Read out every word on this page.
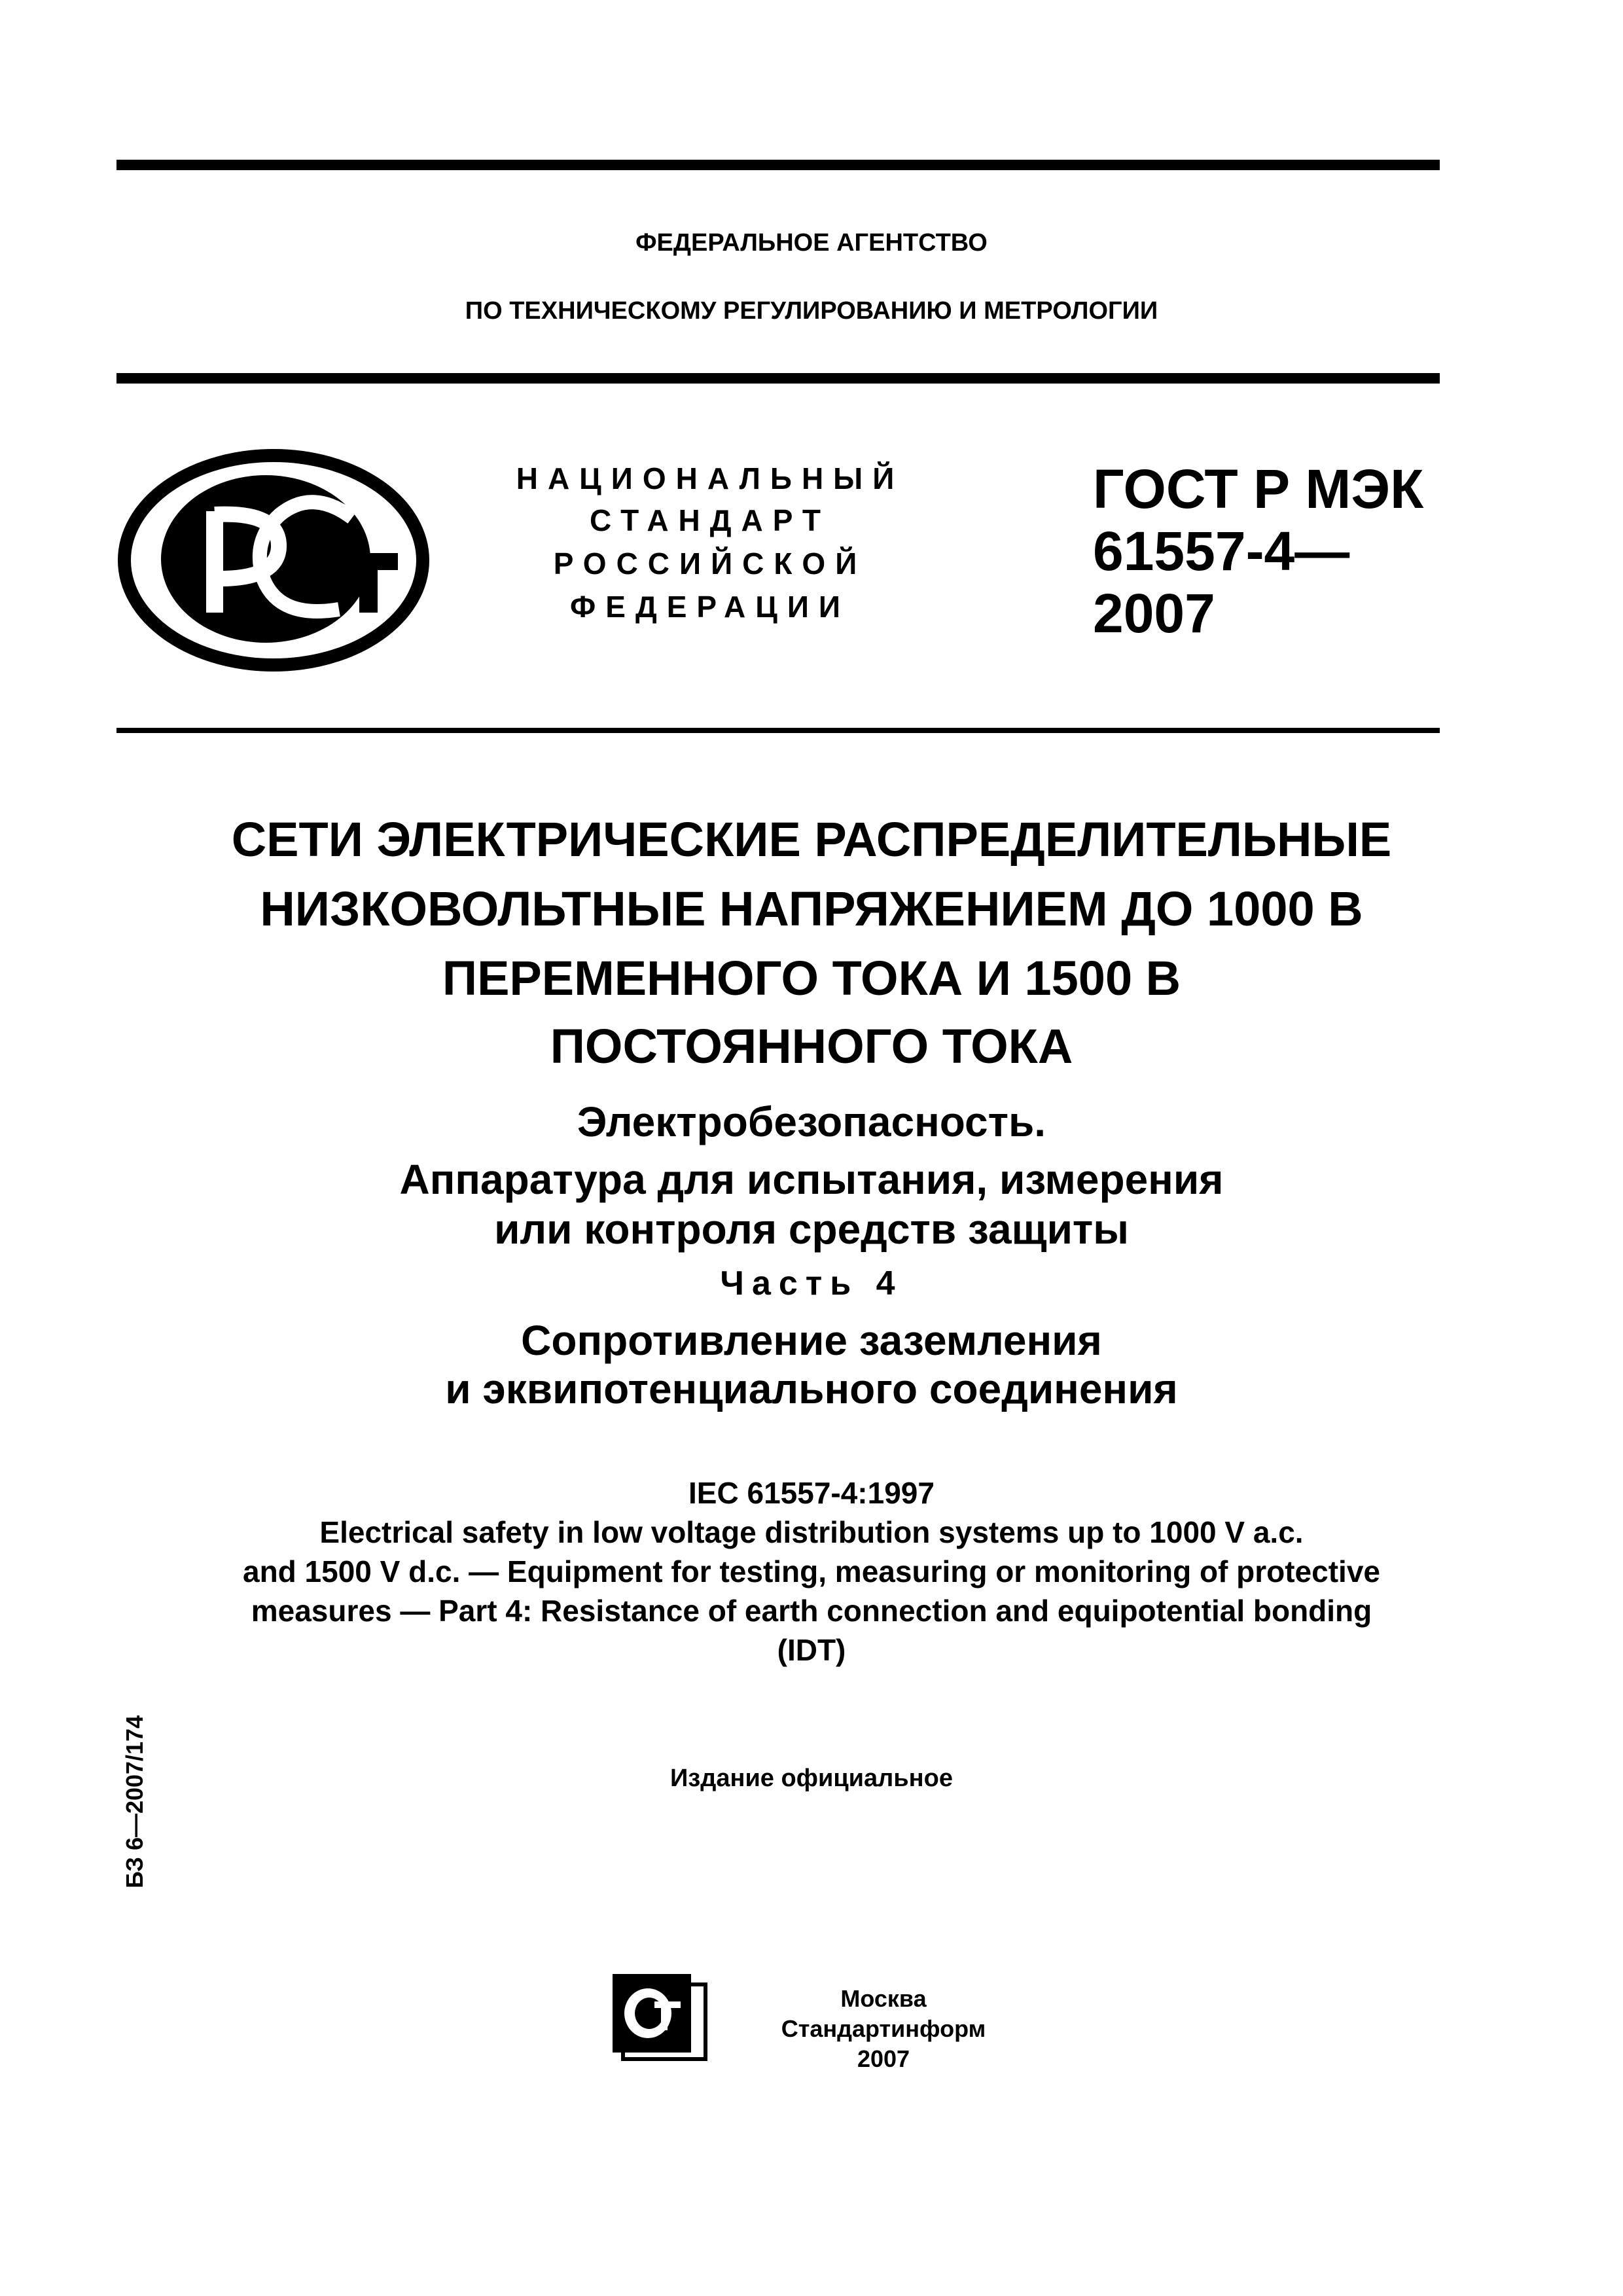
ФЕДЕРАЛЬНОЕ АГЕНТСТВО
ПО ТЕХНИЧЕСКОМУ РЕГУЛИРОВАНИЮ И МЕТРОЛОГИИ
РСТ
НАЦИОНАЛЬНЫЙ
СТАНДАРТ
РОССИЙСКОЙ
ФЕДЕРАЦИИ
ГОСТ Р МЭК
61557-4—
2007
СЕТИ ЭЛЕКТРИЧЕСКИЕ РАСПРЕДЕЛИТЕЛЬНЫЕ
НИЗКОВОЛЬТНЫЕ НАПРЯЖЕНИЕМ ДО 1000 В
ПЕРЕМЕННОГО ТОКА И 1500 В
ПОСТОЯННОГО ТОКА
Электробезопасность.
Аппаратура для испытания, измерения
или контроля средств защиты
Часть 4
Сопротивление заземления
и эквипотенциального соединения
IEC 61557-4:1997
Electrical safety in low voltage distribution systems up to 1000 V a.c.
and 1500 V d.c. — Equipment for testing, measuring or monitoring of protective
measures — Part 4: Resistance of earth connection and equipotential bonding
(IDT)
Издание официальное
БЗ 6—2007/174
СТИ
Москва
Стандартинформ
2007
